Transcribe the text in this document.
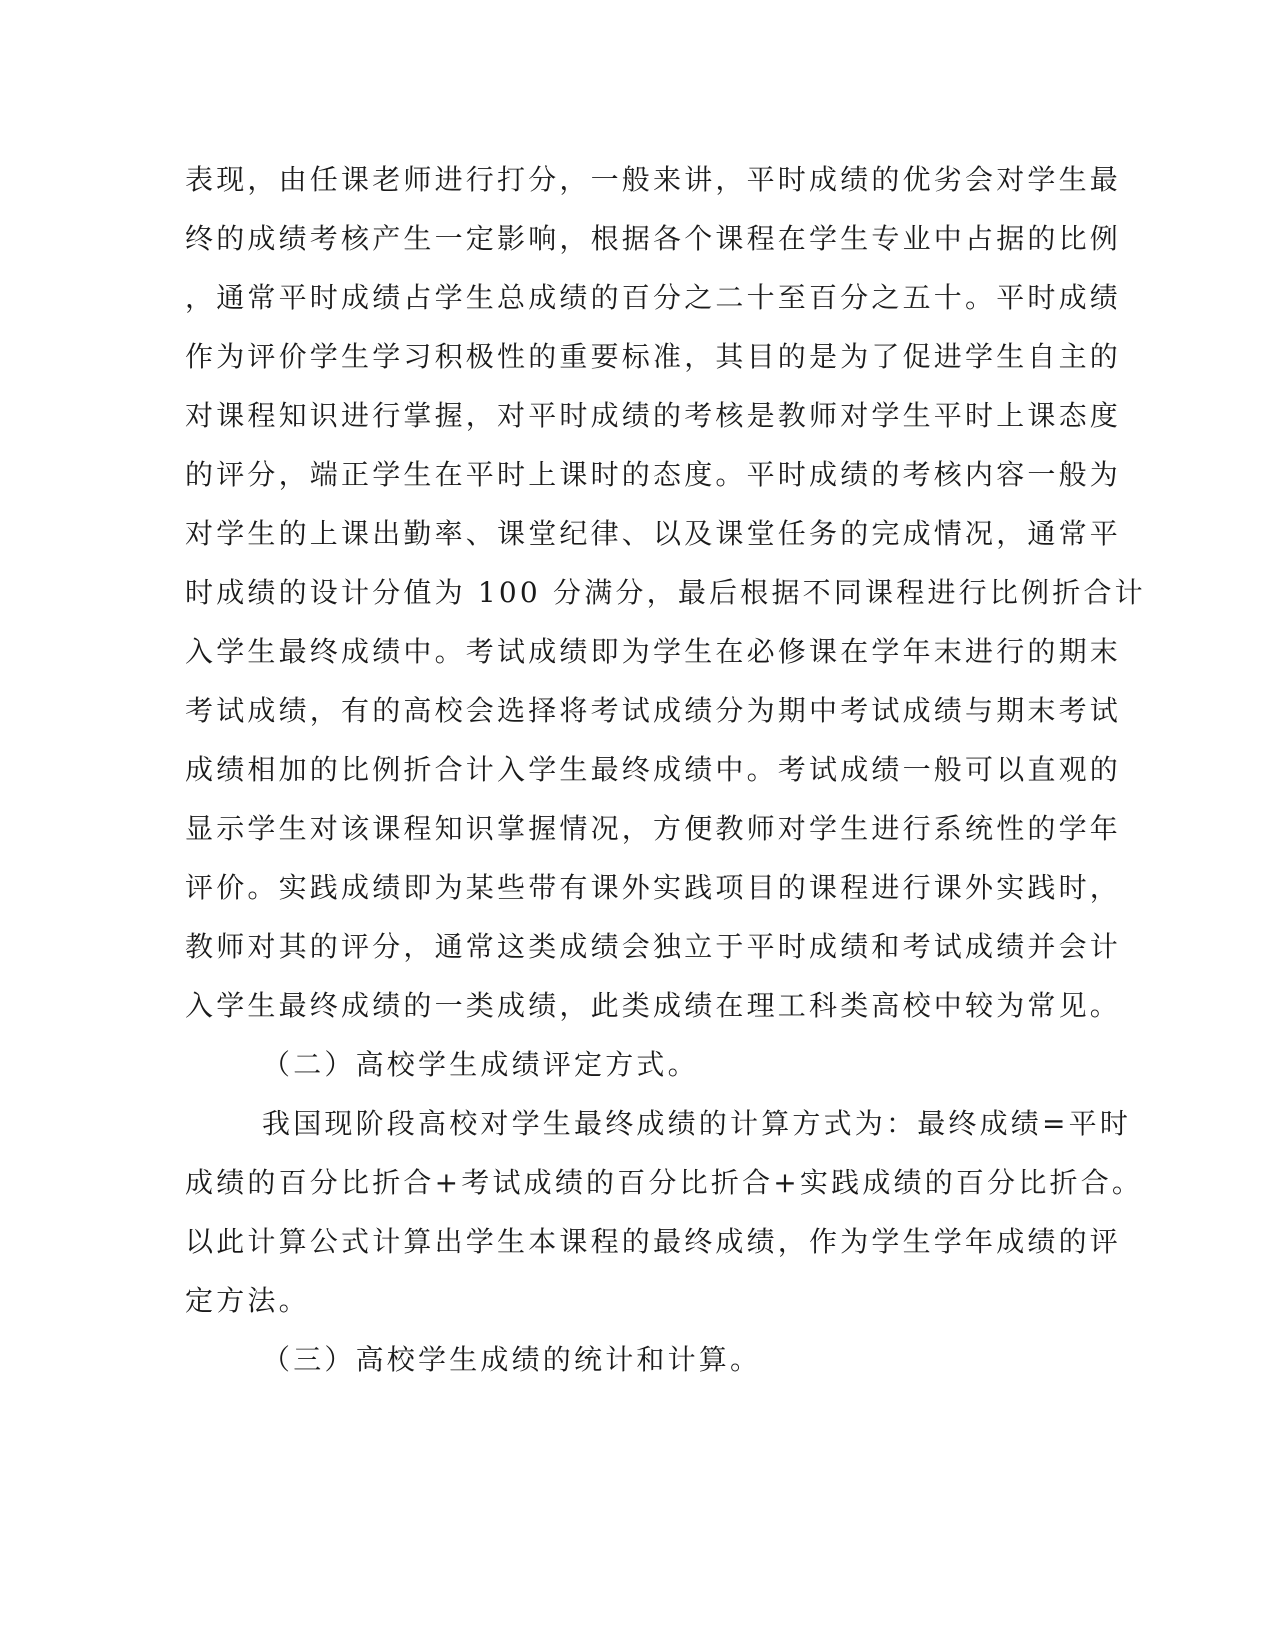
表现，由任课老师进行打分，一般来讲，平时成绩的优劣会对学生最
终的成绩考核产生一定影响，根据各个课程在学生专业中占据的比例
，通常平时成绩占学生总成绩的百分之二十至百分之五十。平时成绩
作为评价学生学习积极性的重要标准，其目的是为了促进学生自主的
对课程知识进行掌握，对平时成绩的考核是教师对学生平时上课态度
的评分，端正学生在平时上课时的态度。平时成绩的考核内容一般为
对学生的上课出勤率、课堂纪律、以及课堂任务的完成情况，通常平
时成绩的设计分值为 100 分满分，最后根据不同课程进行比例折合计
入学生最终成绩中。考试成绩即为学生在必修课在学年末进行的期末
考试成绩，有的高校会选择将考试成绩分为期中考试成绩与期末考试
成绩相加的比例折合计入学生最终成绩中。考试成绩一般可以直观的
显示学生对该课程知识掌握情况，方便教师对学生进行系统性的学年
评价。实践成绩即为某些带有课外实践项目的课程进行课外实践时，
教师对其的评分，通常这类成绩会独立于平时成绩和考试成绩并会计
入学生最终成绩的一类成绩，此类成绩在理工科类高校中较为常见。
（二）高校学生成绩评定方式。
我国现阶段高校对学生最终成绩的计算方式为：最终成绩=平时
成绩的百分比折合+考试成绩的百分比折合+实践成绩的百分比折合。
以此计算公式计算出学生本课程的最终成绩，作为学生学年成绩的评
定方法。
（三）高校学生成绩的统计和计算。
